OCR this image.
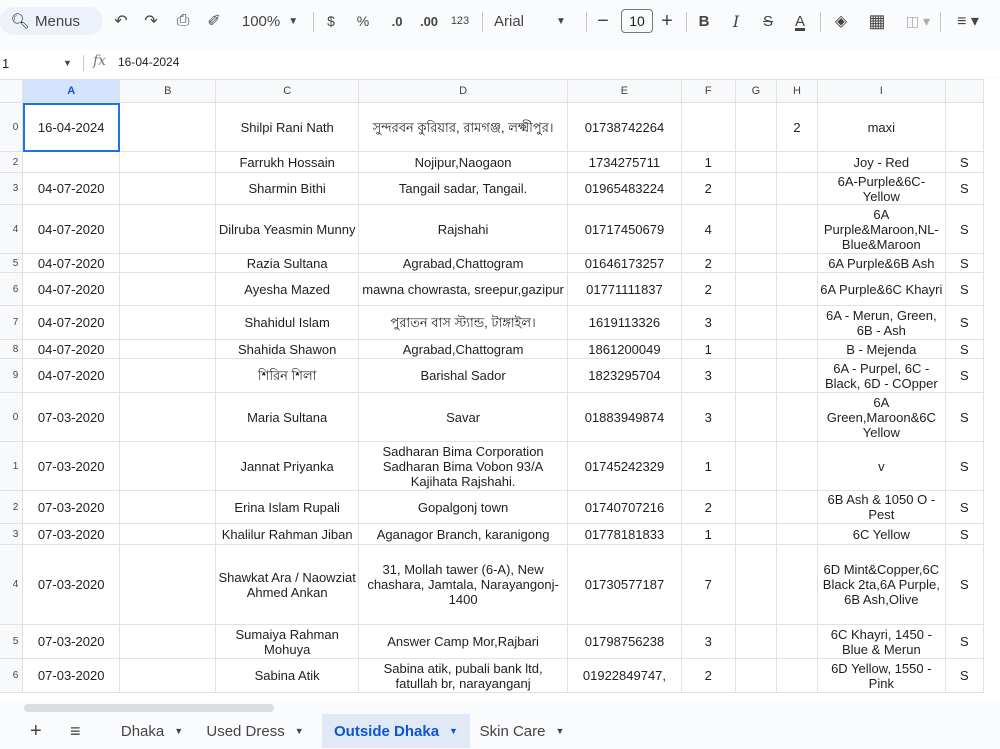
🔍︎ Menus ↶ ↷ ⎙ ✐ 100% ▼	$	%	.0	.00	123 Arial	▼ −	10 +	B	I	S	A	◈ ▦	◫ ▾	≡ ▾
1	▼ fx 16-04-2024
	A	B	C	D	E	F	G	H	I	
0	16-04-2024		Shilpi Rani Nath	সুন্দরবন কুরিয়ার, রামগঞ্জ, লক্ষ্মীপুর।	01738742264			2	maxi	
2			Farrukh Hossain	Nojipur,Naogaon	1734275711	1			Joy - Red	S
3	04-07-2020		Sharmin Bithi	Tangail sadar, Tangail.	01965483224	2			6A-Purple&6C-Yellow	S
4	04-07-2020		Dilruba Yeasmin Munny	Rajshahi	01717450679	4			6A Purple&Maroon,NL-Blue&Maroon	S
5	04-07-2020		Razia Sultana	Agrabad,Chattogram	01646173257	2			6A Purple&6B Ash	S
6	04-07-2020		Ayesha Mazed	mawna chowrasta, sreepur,gazipur	01771111837	2			6A Purple&6C Khayri	S
7	04-07-2020		Shahidul Islam	পুরাতন বাস স্ট্যান্ড, টাঙ্গাইল।	1619113326	3			6A - Merun, Green, 6B - Ash	S
8	04-07-2020		Shahida Shawon	Agrabad,Chattogram	1861200049	1			B - Mejenda	S
9	04-07-2020		শিরিন শিলা	Barishal Sador	1823295704	3			6A - Purpel, 6C - Black, 6D - COpper	S
0	07-03-2020		Maria Sultana	Savar	01883949874	3			6A Green,Maroon&6C Yellow	S
1	07-03-2020		Jannat Priyanka	Sadharan Bima Corporation Sadharan Bima Vobon 93/A Kajihata Rajshahi.	01745242329	1			v	S
2	07-03-2020		Erina Islam Rupali	Gopalgonj town	01740707216	2			6B Ash & 1050 O - Pest	S
3	07-03-2020		Khalilur Rahman Jiban	Aganagor Branch, karanigong	01778181833	1			6C Yellow	S
4	07-03-2020		Shawkat Ara / Naowziat Ahmed Ankan	31, Mollah tawer (6-A), New chashara, Jamtala, Narayangonj-1400	01730577187	7			6D Mint&Copper,6C Black 2ta,6A Purple, 6B Ash,Olive	S
5	07-03-2020		Sumaiya Rahman Mohuya	Answer Camp Mor,Rajbari	01798756238	3			6C Khayri, 1450 - Blue & Merun	S
6	07-03-2020		Sabina Atik	Sabina atik, pubali bank ltd, fatullah br, narayanganj	01922849747,	2			6D Yellow, 1550 - Pink	S
+	≡	Dhaka ▼ Used Dress ▼ Outside Dhaka ▼ Skin Care ▼
